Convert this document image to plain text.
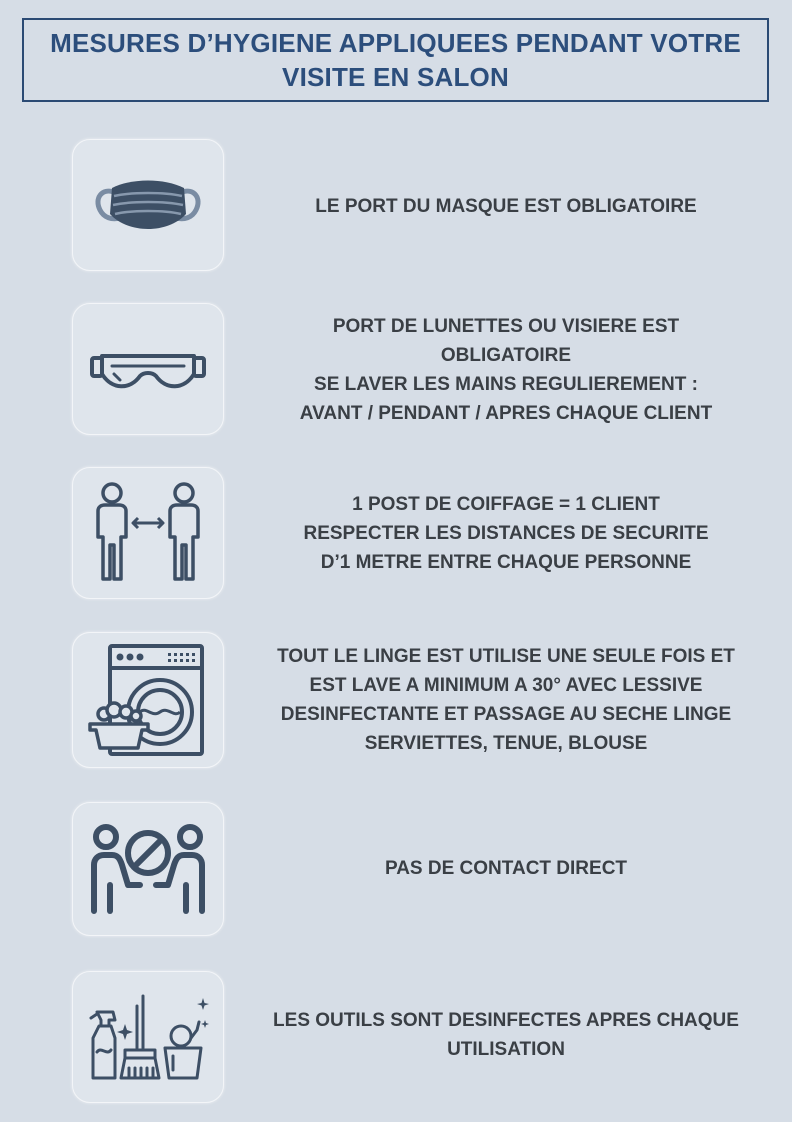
MESURES D’HYGIENE APPLIQUEES PENDANT VOTRE
VISITE EN SALON
LE PORT DU MASQUE EST OBLIGATOIRE
PORT DE LUNETTES OU VISIERE EST
OBLIGATOIRE
SE LAVER LES MAINS REGULIEREMENT :
AVANT / PENDANT / APRES CHAQUE CLIENT
1 POST DE COIFFAGE = 1 CLIENT
RESPECTER LES DISTANCES DE SECURITE
D’1 METRE ENTRE CHAQUE PERSONNE
TOUT LE LINGE EST UTILISE UNE SEULE FOIS ET
EST LAVE A MINIMUM A 30° AVEC LESSIVE
DESINFECTANTE ET PASSAGE AU SECHE LINGE
SERVIETTES, TENUE, BLOUSE
PAS DE CONTACT DIRECT
LES OUTILS SONT DESINFECTES APRES CHAQUE
UTILISATION
